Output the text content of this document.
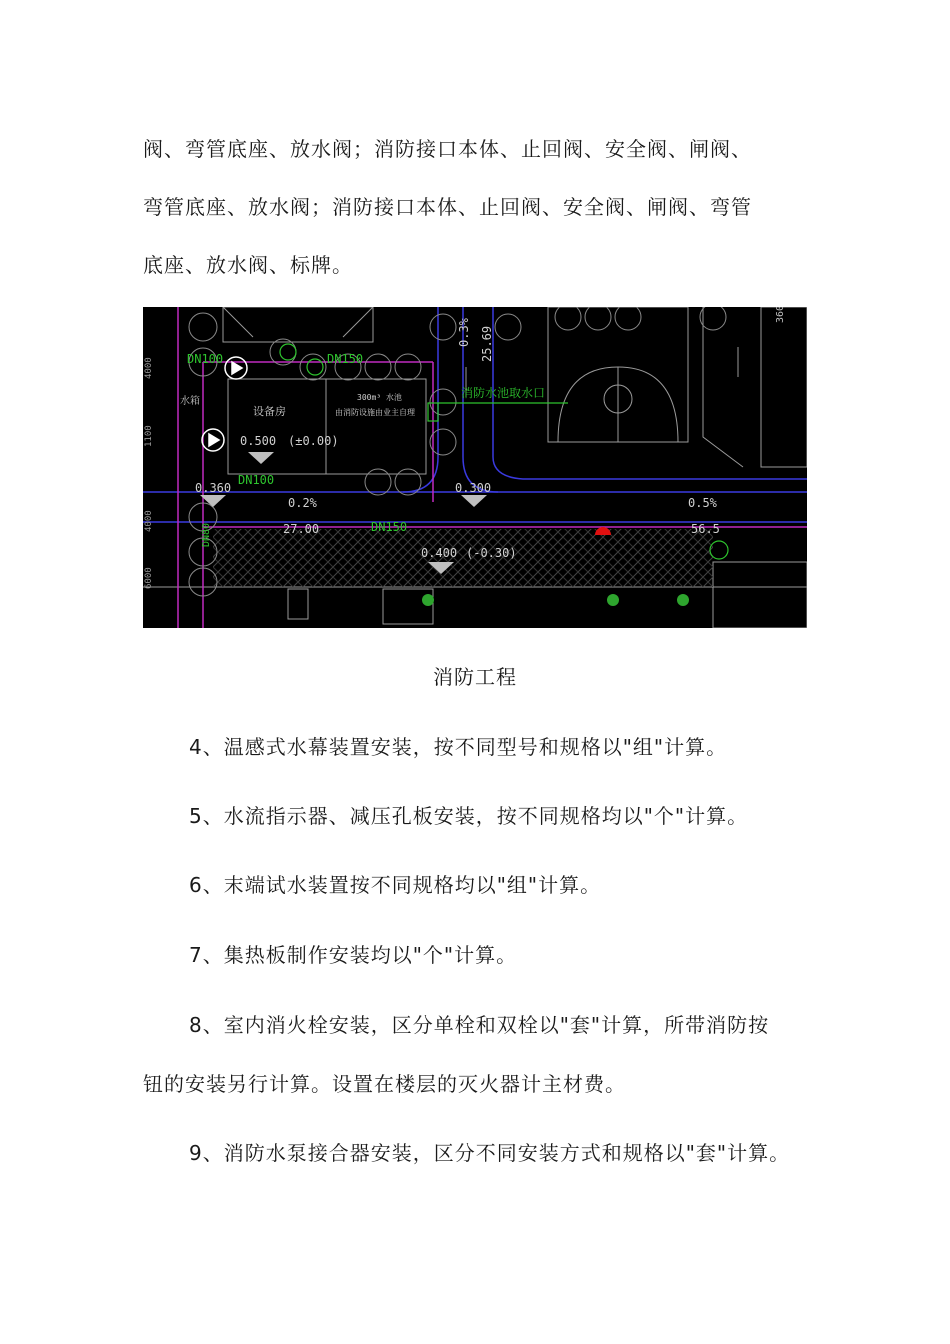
阀、弯管底座、放水阀；消防接口本体、止回阀、安全阀、闸阀、
弯管底座、放水阀；消防接口本体、止回阀、安全阀、闸阀、弯管
底座、放水阀、标牌。
DN100	DN150
水箱
设备房
300m³ 水池
由消防设施由业主自理
0.500 (±0.00)
DN100
0.360
0.2%
27.00	DN150
DN80
0.300
0.400 (-0.30)
0.3% 25.69
消防水池取水口
0.5%
56.5
360
4000
1100
4000
6000
消防工程

4、温感式水幕装置安装，按不同型号和规格以"组"计算。

5、水流指示器、减压孔板安装，按不同规格均以"个"计算。

6、末端试水装置按不同规格均以"组"计算。

7、集热板制作安装均以"个"计算。

8、室内消火栓安装，区分单栓和双栓以"套"计算，所带消防按

钮的安装另行计算。设置在楼层的灭火器计主材费。

9、消防水泵接合器安装，区分不同安装方式和规格以"套"计算。
